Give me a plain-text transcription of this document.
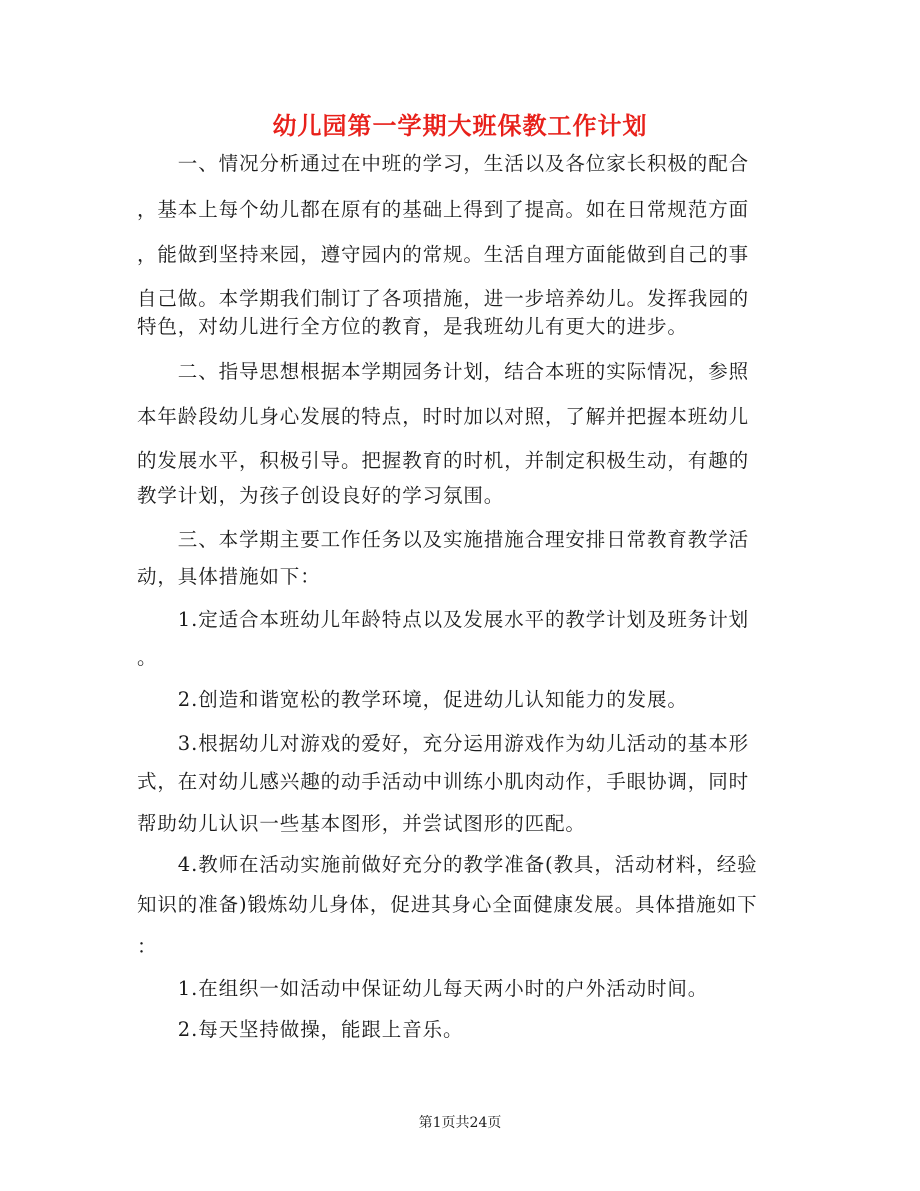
幼儿园第一学期大班保教工作计划

　　一、情况分析通过在中班的学习，生活以及各位家长积极的配合

，基本上每个幼儿都在原有的基础上得到了提高。如在日常规范方面

，能做到坚持来园，遵守园内的常规。生活自理方面能做到自己的事

自己做。本学期我们制订了各项措施，进一步培养幼儿。发挥我园的

特色，对幼儿进行全方位的教育，是我班幼儿有更大的进步。

　　二、指导思想根据本学期园务计划，结合本班的实际情况，参照

本年龄段幼儿身心发展的特点，时时加以对照，了解并把握本班幼儿

的发展水平，积极引导。把握教育的时机，并制定积极生动，有趣的

教学计划，为孩子创设良好的学习氛围。

　　三、本学期主要工作任务以及实施措施合理安排日常教育教学活

动，具体措施如下：

　　1.定适合本班幼儿年龄特点以及发展水平的教学计划及班务计划

。

　　2.创造和谐宽松的教学环境，促进幼儿认知能力的发展。

　　3.根据幼儿对游戏的爱好，充分运用游戏作为幼儿活动的基本形

式，在对幼儿感兴趣的动手活动中训练小肌肉动作，手眼协调，同时

帮助幼儿认识一些基本图形，并尝试图形的匹配。

　　4.教师在活动实施前做好充分的教学准备(教具，活动材料，经验

知识的准备)锻炼幼儿身体，促进其身心全面健康发展。具体措施如下

：

　　1.在组织一如活动中保证幼儿每天两小时的户外活动时间。

　　2.每天坚持做操，能跟上音乐。

第1页共24页
